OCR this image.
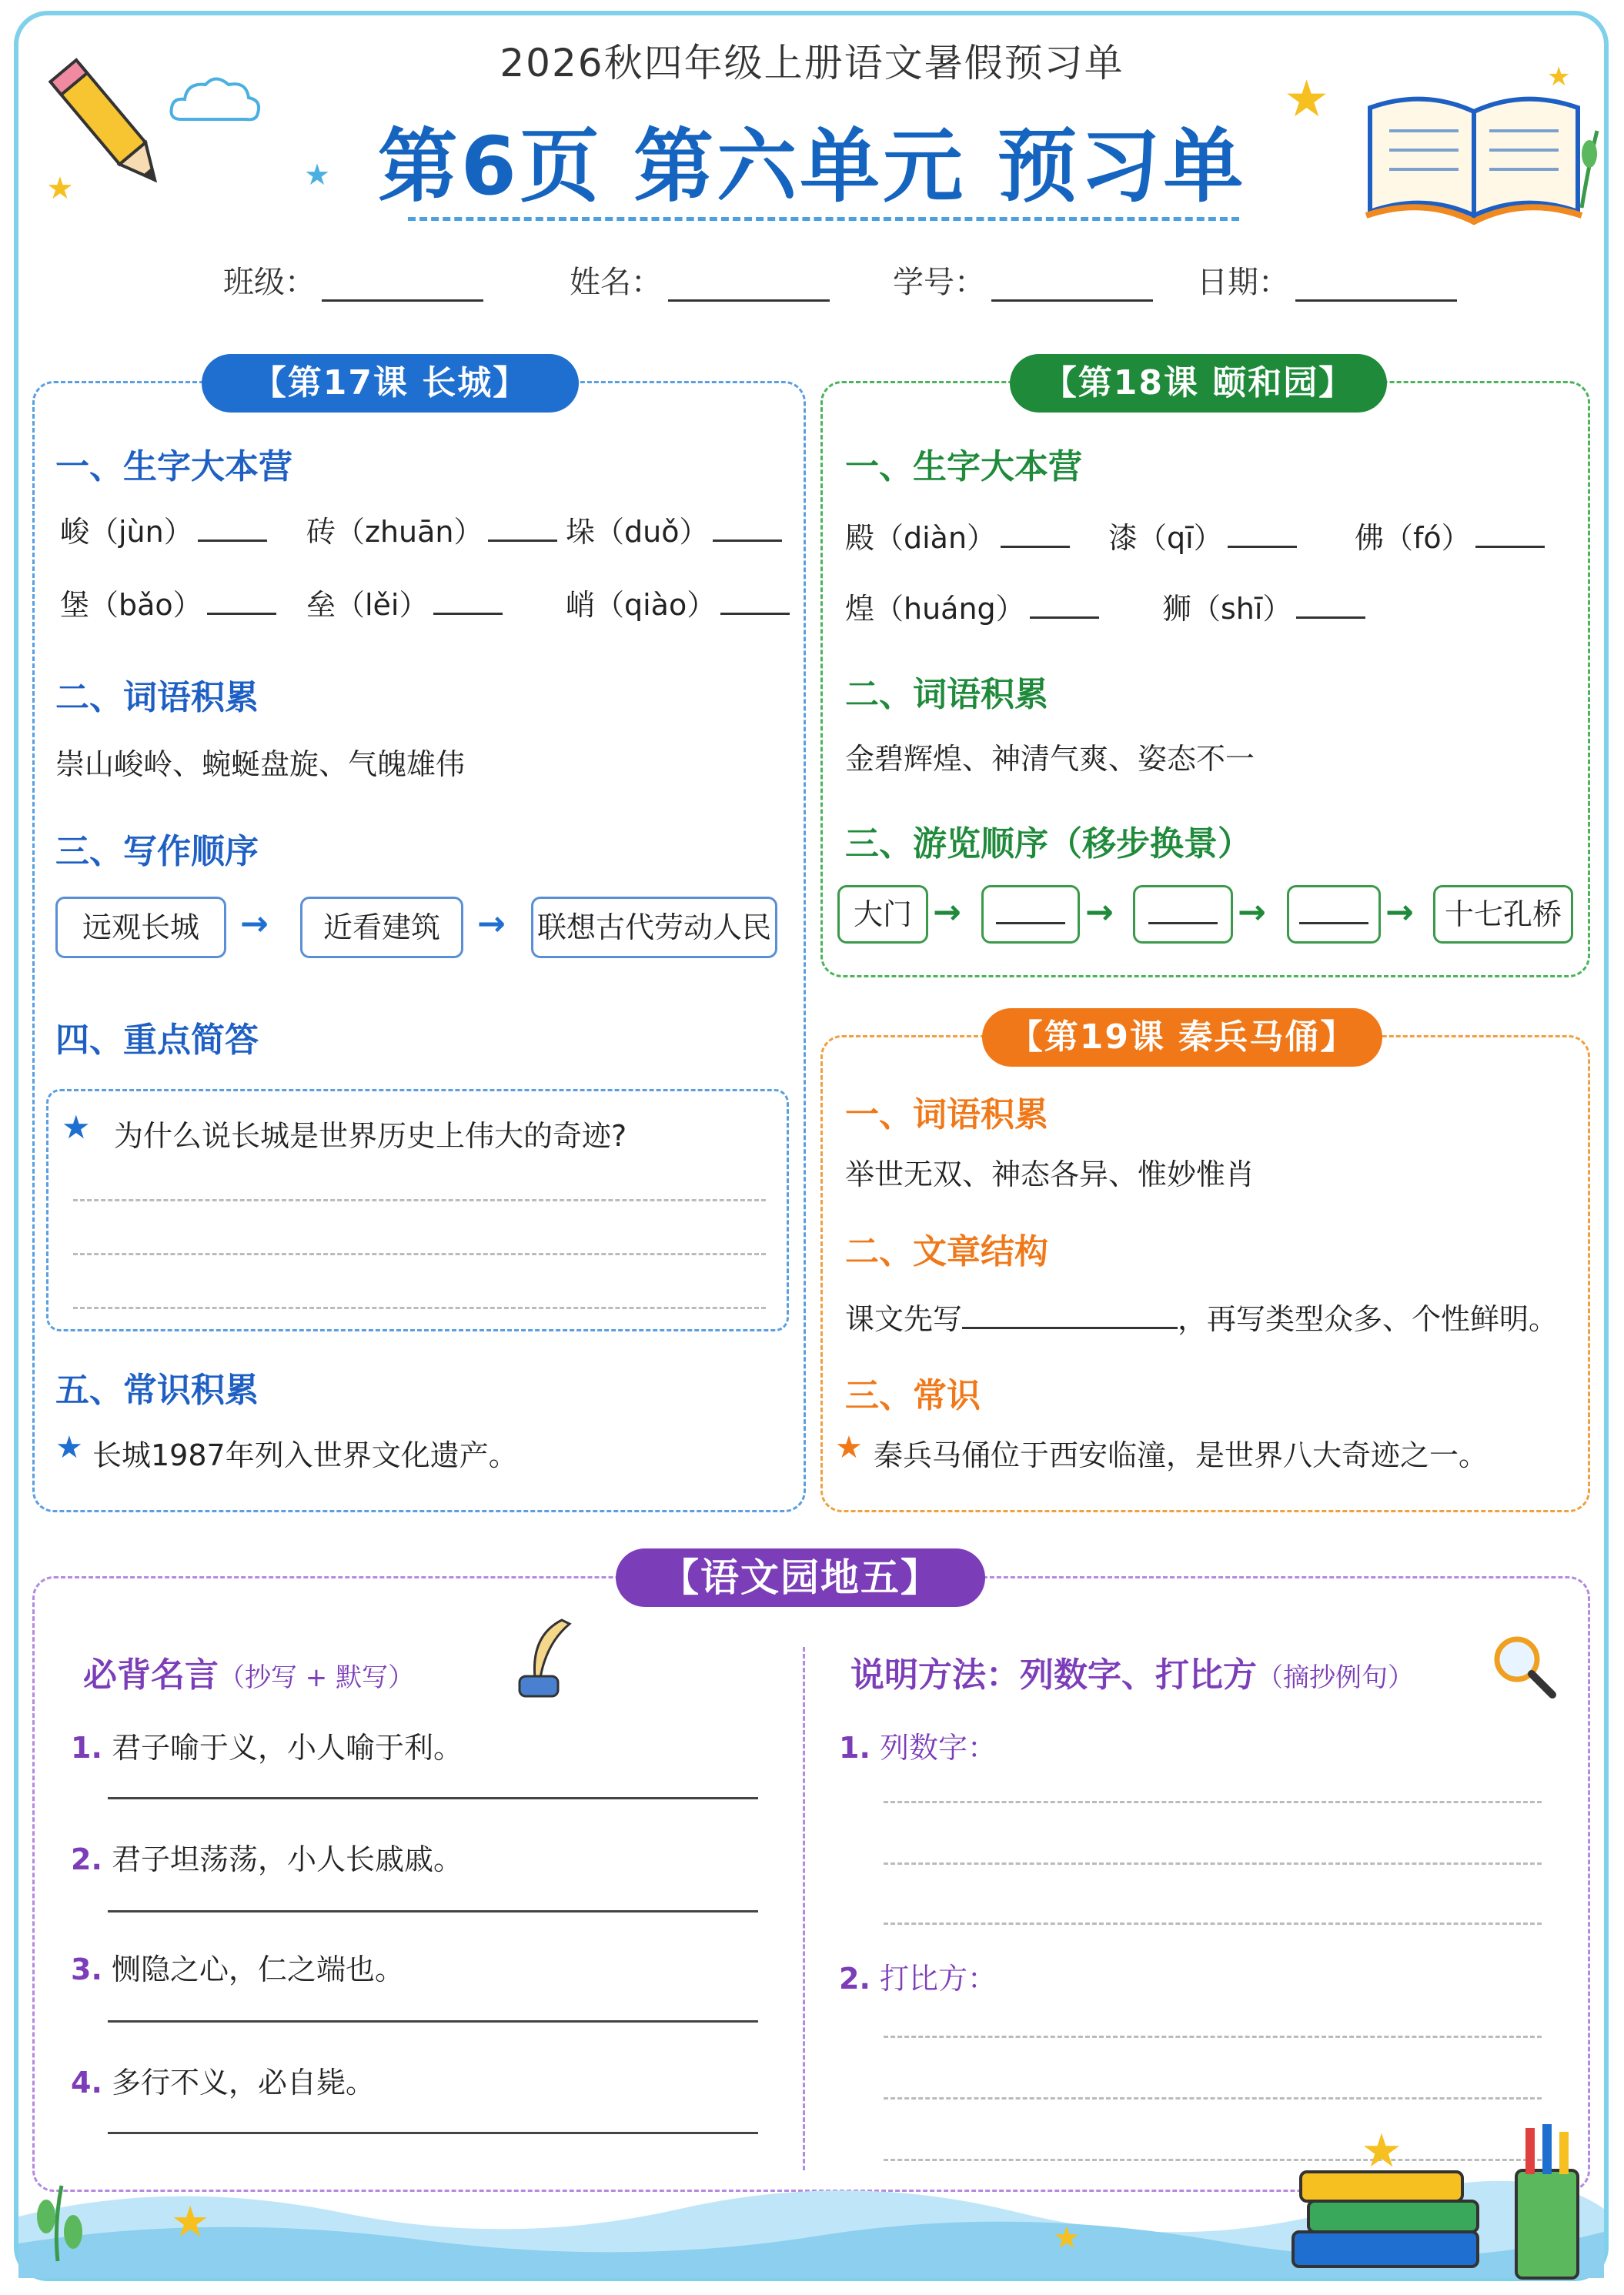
★	★
★	★
2026秋四年级上册语文暑假预习单
第6页 第六单元 预习单
班级：	姓名：	学号：	日期：
【第17课 长城】	【第18课 颐和园】
【第19课 秦兵马俑】
【语文园地五】
一、生字大本营
峻（jùn）	砖（zhuān）	垛（duǒ）
堡（bǎo）	垒（lěi）	峭（qiào）
二、词语积累
崇山峻岭、蜿蜒盘旋、气魄雄伟
三、写作顺序
远观长城	→	近看建筑	→ 联想古代劳动人民
四、重点简答
★ 为什么说长城是世界历史上伟大的奇迹?
五、常识积累
★ 长城1987年列入世界文化遗产。
一、生字大本营
殿（diàn）	漆（qī）	佛（fó）
煌（huáng）	狮（shī）
二、词语积累
金碧辉煌、神清气爽、姿态不一
三、游览顺序（移步换景）
大门 →	→	→	→	十七孔桥
一、词语积累
举世无双、神态各异、惟妙惟肖
二、文章结构
课文先写	，再写类型众多、个性鲜明。
三、常识
★ 秦兵马俑位于西安临潼，是世界八大奇迹之一。
必背名言（抄写 + 默写）
1. 君子喻于义，小人喻于利。
2. 君子坦荡荡，小人长戚戚。
3. 恻隐之心，仁之端也。
4. 多行不义，必自毙。
说明方法：列数字、打比方（摘抄例句）
1. 列数字：
2. 打比方：
★	★
★
